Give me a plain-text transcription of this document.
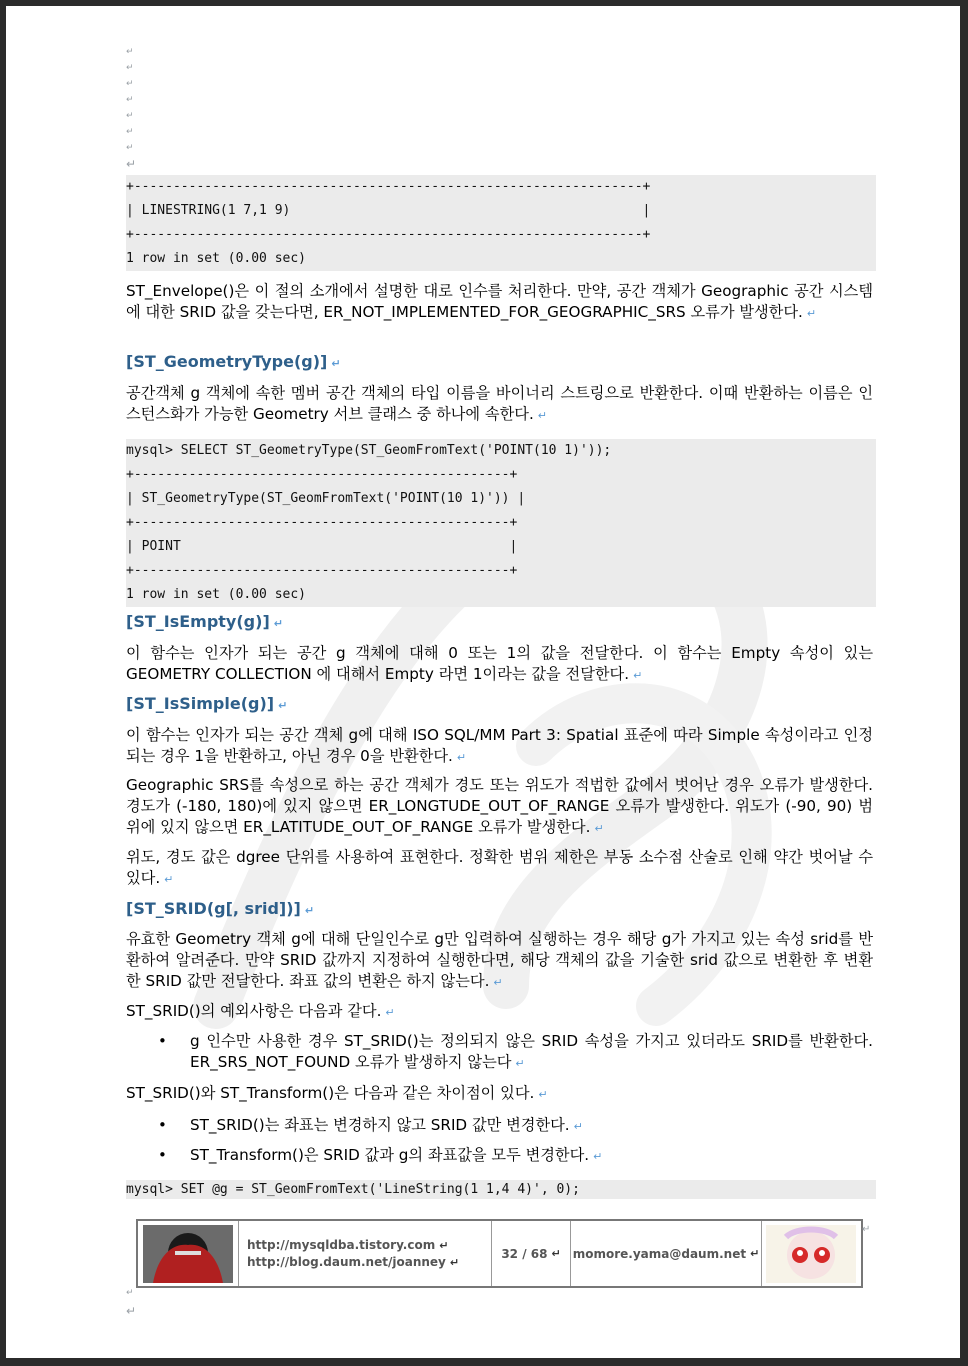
↵
↵
↵
↵
↵
↵
↵
↵
+-----------------------------------------------------------------+
| LINESTRING(1 7,1 9)                                             |
+-----------------------------------------------------------------+
1 row in set (0.00 sec)
ST_Envelope()은 이 절의 소개에서 설명한 대로 인수를 처리한다. 만약, 공간 객체가 Geographic 공간 시스템에 대한 SRID 값을 갖는다면, ER_NOT_IMPLEMENTED_FOR_GEOGRAPHIC_SRS 오류가 발생한다. ↵
[ST_GeometryType(g)] ↵
공간객체 g 객체에 속한 멤버 공간 객체의 타입 이름을 바이너리 스트링으로 반환한다. 이때 반환하는 이름은 인스턴스화가 가능한 Geometry 서브 클래스 중 하나에 속한다. ↵
mysql> SELECT ST_GeometryType(ST_GeomFromText('POINT(10 1)'));
+------------------------------------------------+
| ST_GeometryType(ST_GeomFromText('POINT(10 1)')) |
+------------------------------------------------+
| POINT                                          |
+------------------------------------------------+
1 row in set (0.00 sec)
[ST_IsEmpty(g)] ↵
이 함수는 인자가 되는 공간 g 객체에 대해 0 또는 1의 값을 전달한다. 이 함수는 Empty 속성이 있는 GEOMETRY COLLECTION 에 대해서 Empty 라면 1이라는 값을 전달한다. ↵
[ST_IsSimple(g)] ↵
이 함수는 인자가 되는 공간 객체 g에 대해 ISO SQL/MM Part 3: Spatial 표준에 따라 Simple 속성이라고 인정되는 경우 1을 반환하고, 아닌 경우 0을 반환한다. ↵
Geographic SRS를 속성으로 하는 공간 객체가 경도 또는 위도가 적법한 값에서 벗어난 경우 오류가 발생한다. 경도가 (-180, 180)에 있지 않으면 ER_LONGTUDE_OUT_OF_RANGE 오류가 발생한다. 위도가 (-90, 90) 범위에 있지 않으면 ER_LATITUDE_OUT_OF_RANGE 오류가 발생한다. ↵
위도, 경도 값은 dgree 단위를 사용하여 표현한다. 정확한 범위 제한은 부동 소수점 산술로 인해 약간 벗어날 수 있다. ↵
[ST_SRID(g[, srid])] ↵
유효한 Geometry 객체 g에 대해 단일인수로 g만 입력하여 실행하는 경우 해당 g가 가지고 있는 속성 srid를 반환하여 알려준다. 만약 SRID 값까지 지정하여 실행한다면, 해당 객체의 값을 기술한 srid 값으로 변환한 후 변환한 SRID 값만 전달한다. 좌표 값의 변환은 하지 않는다. ↵
ST_SRID()의 예외사항은 다음과 같다. ↵
• g 인수만 사용한 경우 ST_SRID()는 정의되지 않은 SRID 속성을 가지고 있더라도 SRID를 반환한다. ER_SRS_NOT_FOUND 오류가 발생하지 않는다 ↵
ST_SRID()와 ST_Transform()은 다음과 같은 차이점이 있다. ↵
• ST_SRID()는 좌표는 변경하지 않고 SRID 값만 변경한다. ↵
• ST_Transform()은 SRID 값과 g의 좌표값을 모두 변경한다. ↵
mysql> SET @g = ST_GeomFromText('LineString(1 1,4 4)', 0);
http://mysqldba.tistory.com ↵
http://blog.daum.net/joanney ↵
32 / 68 ↵ momore.yama@daum.net ↵
↵
↵
↵
